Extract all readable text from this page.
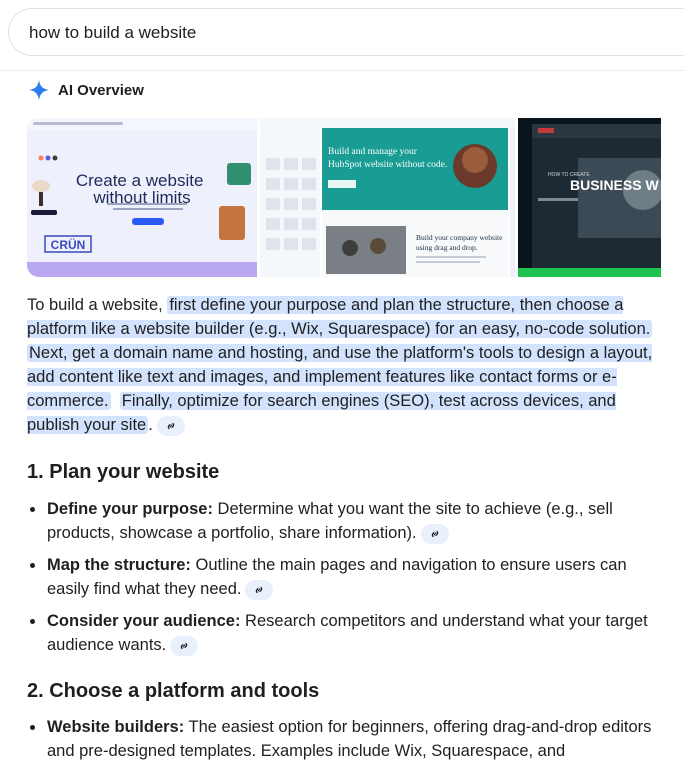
how to build a website
AI Overview
Create a website without limits
CRÜN
Build and manage your
HubSpot website without code.
Build your company website
using drag and drop.
HOW TO CREATE
BUSINESS W
To build a website, first define your purpose and plan the structure, then choose a platform like a website builder (e.g., Wix, Squarespace) for an easy, no-code solution.  Next, get a domain name and hosting, and use the platform's tools to design a layout, add content like text and images, and implement features like contact forms or e-commerce. Finally, optimize for search engines (SEO), test across devices, and publish your site .
1. Plan your website
Define your purpose: Determine what you want the site to achieve (e.g., sell products, showcase a portfolio, share information).
Map the structure: Outline the main pages and navigation to ensure users can easily find what they need.
Consider your audience: Research competitors and understand what your target audience wants.
2. Choose a platform and tools
Website builders: The easiest option for beginners, offering drag-and-drop editors and pre-designed templates. Examples include Wix, Squarespace, and
